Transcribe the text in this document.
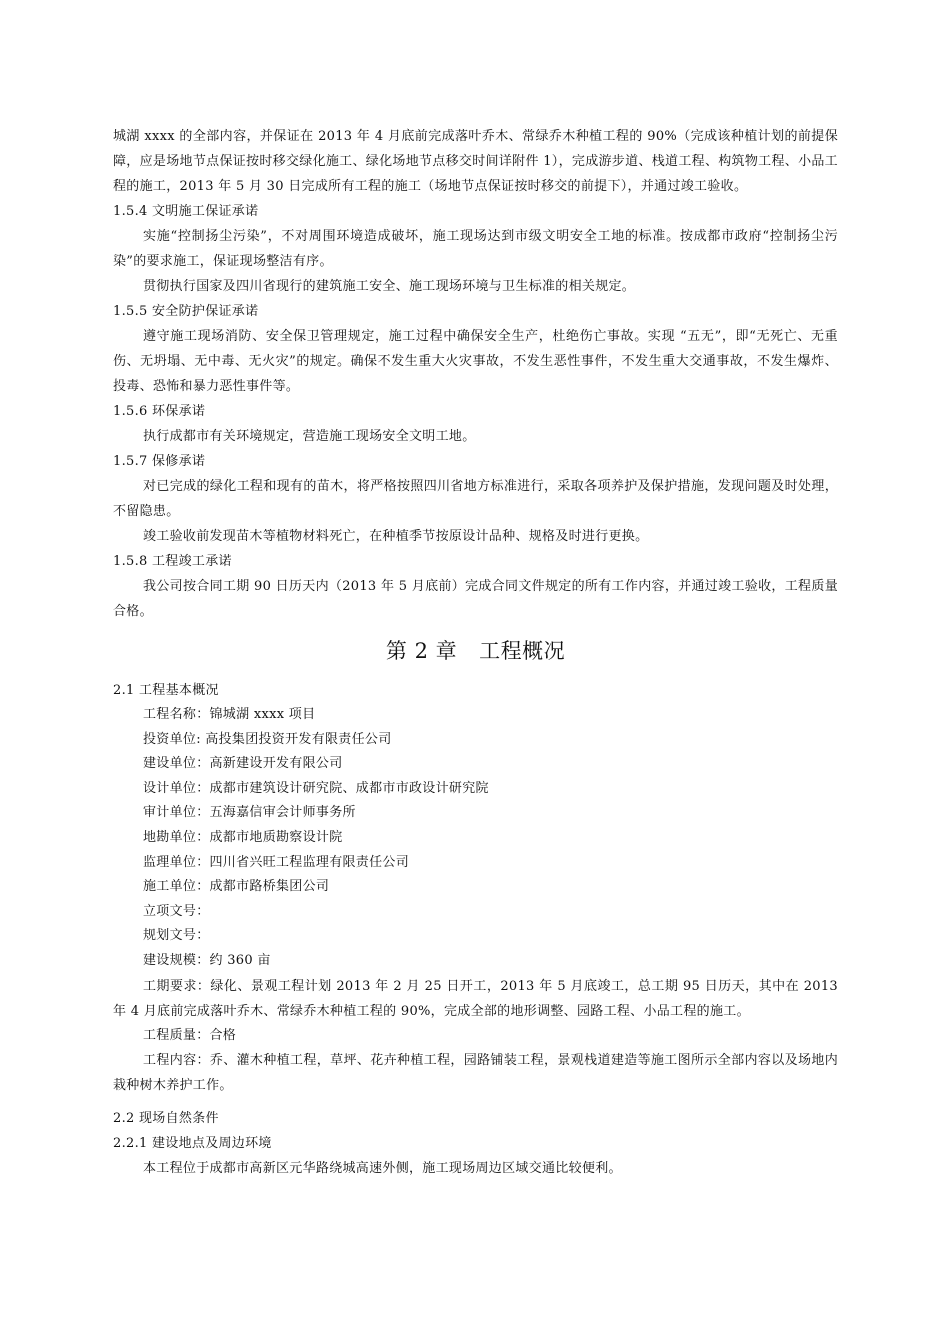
城湖 xxxx 的全部内容，并保证在 2013 年 4 月底前完成落叶乔木、常绿乔木种植工程的 90%（完成该种植计划的前提保障，应是场地节点保证按时移交绿化施工、绿化场地节点移交时间详附件 1），完成游步道、栈道工程、构筑物工程、小品工程的施工，2013 年 5 月 30 日完成所有工程的施工（场地节点保证按时移交的前提下），并通过竣工验收。

1.5.4 文明施工保证承诺

实施“控制扬尘污染”，不对周围环境造成破坏，施工现场达到市级文明安全工地的标准。按成都市政府“控制扬尘污染”的要求施工，保证现场整洁有序。

贯彻执行国家及四川省现行的建筑施工安全、施工现场环境与卫生标准的相关规定。

1.5.5 安全防护保证承诺

遵守施工现场消防、安全保卫管理规定，施工过程中确保安全生产，杜绝伤亡事故。实现 “五无”，即“无死亡、无重伤、无坍塌、无中毒、无火灾”的规定。确保不发生重大火灾事故，不发生恶性事件，不发生重大交通事故，不发生爆炸、投毒、恐怖和暴力恶性事件等。

1.5.6 环保承诺

执行成都市有关环境规定，营造施工现场安全文明工地。

1.5.7 保修承诺

对已完成的绿化工程和现有的苗木，将严格按照四川省地方标准进行，采取各项养护及保护措施，发现问题及时处理，不留隐患。

竣工验收前发现苗木等植物材料死亡，在种植季节按原设计品种、规格及时进行更换。

1.5.8 工程竣工承诺

我公司按合同工期 90 日历天内（2013 年 5 月底前）完成合同文件规定的所有工作内容，并通过竣工验收，工程质量合格。

第 2 章 工程概况

2.1 工程基本概况

工程名称：锦城湖 xxxx 项目

投资单位: 高投集团投资开发有限责任公司

建设单位：高新建设开发有限公司

设计单位：成都市建筑设计研究院、成都市市政设计研究院

审计单位：五海嘉信审会计师事务所

地勘单位：成都市地质勘察设计院

监理单位：四川省兴旺工程监理有限责任公司

施工单位：成都市路桥集团公司

立项文号：

规划文号：

建设规模：约 360 亩

工期要求：绿化、景观工程计划 2013 年 2 月 25 日开工，2013 年 5 月底竣工，总工期 95 日历天，其中在 2013 年 4 月底前完成落叶乔木、常绿乔木种植工程的 90%，完成全部的地形调整、园路工程、小品工程的施工。

工程质量：合格

工程内容：乔、灌木种植工程，草坪、花卉种植工程，园路铺装工程，景观栈道建造等施工图所示全部内容以及场地内栽种树木养护工作。

2.2 现场自然条件

2.2.1 建设地点及周边环境

本工程位于成都市高新区元华路绕城高速外侧，施工现场周边区域交通比较便利。
